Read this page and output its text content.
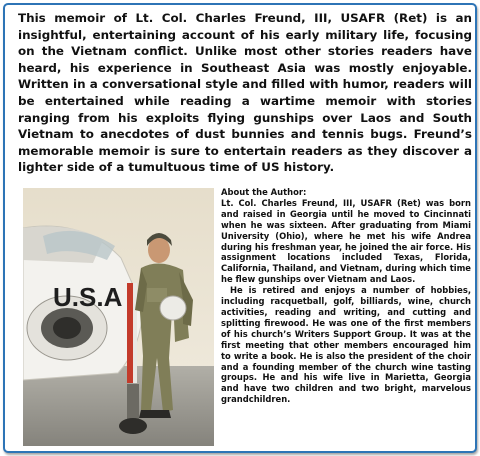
This memoir of Lt. Col. Charles Freund, III, USAFR (Ret) is an insightful, entertaining account of his early military life, focusing on the Vietnam conflict. Unlike most other stories readers have heard, his experience in Southeast Asia was mostly enjoyable. Written in a conversational style and filled with humor, readers will be entertained while reading a wartime memoir with stories ranging from his exploits flying gunships over Laos and South Vietnam to anecdotes of dust bunnies and tennis bugs. Freund’s memorable memoir is sure to entertain readers as they discover a lighter side of a tumultuous time of US history.

U.S.A
About the Author:

Lt. Col. Charles Freund, III, USAFR (Ret) was born and raised in Georgia until he moved to Cincinnati when he was sixteen. After graduating from Miami University (Ohio), where he met his wife Andrea during his freshman year, he joined the air force. His assignment locations included Texas, Florida, California, Thailand, and Vietnam, during which time he flew gunships over Vietnam and Laos.

He is retired and enjoys a number of hobbies, including racquetball, golf, billiards, wine, church activities, reading and writing, and cutting and splitting firewood. He was one of the first members of his church’s Writers Support Group. It was at the first meeting that other members encouraged him to write a book. He is also the president of the choir and a founding member of the church wine tasting groups. He and his wife live in Marietta, Georgia and have two children and two bright, marvelous grandchildren.
